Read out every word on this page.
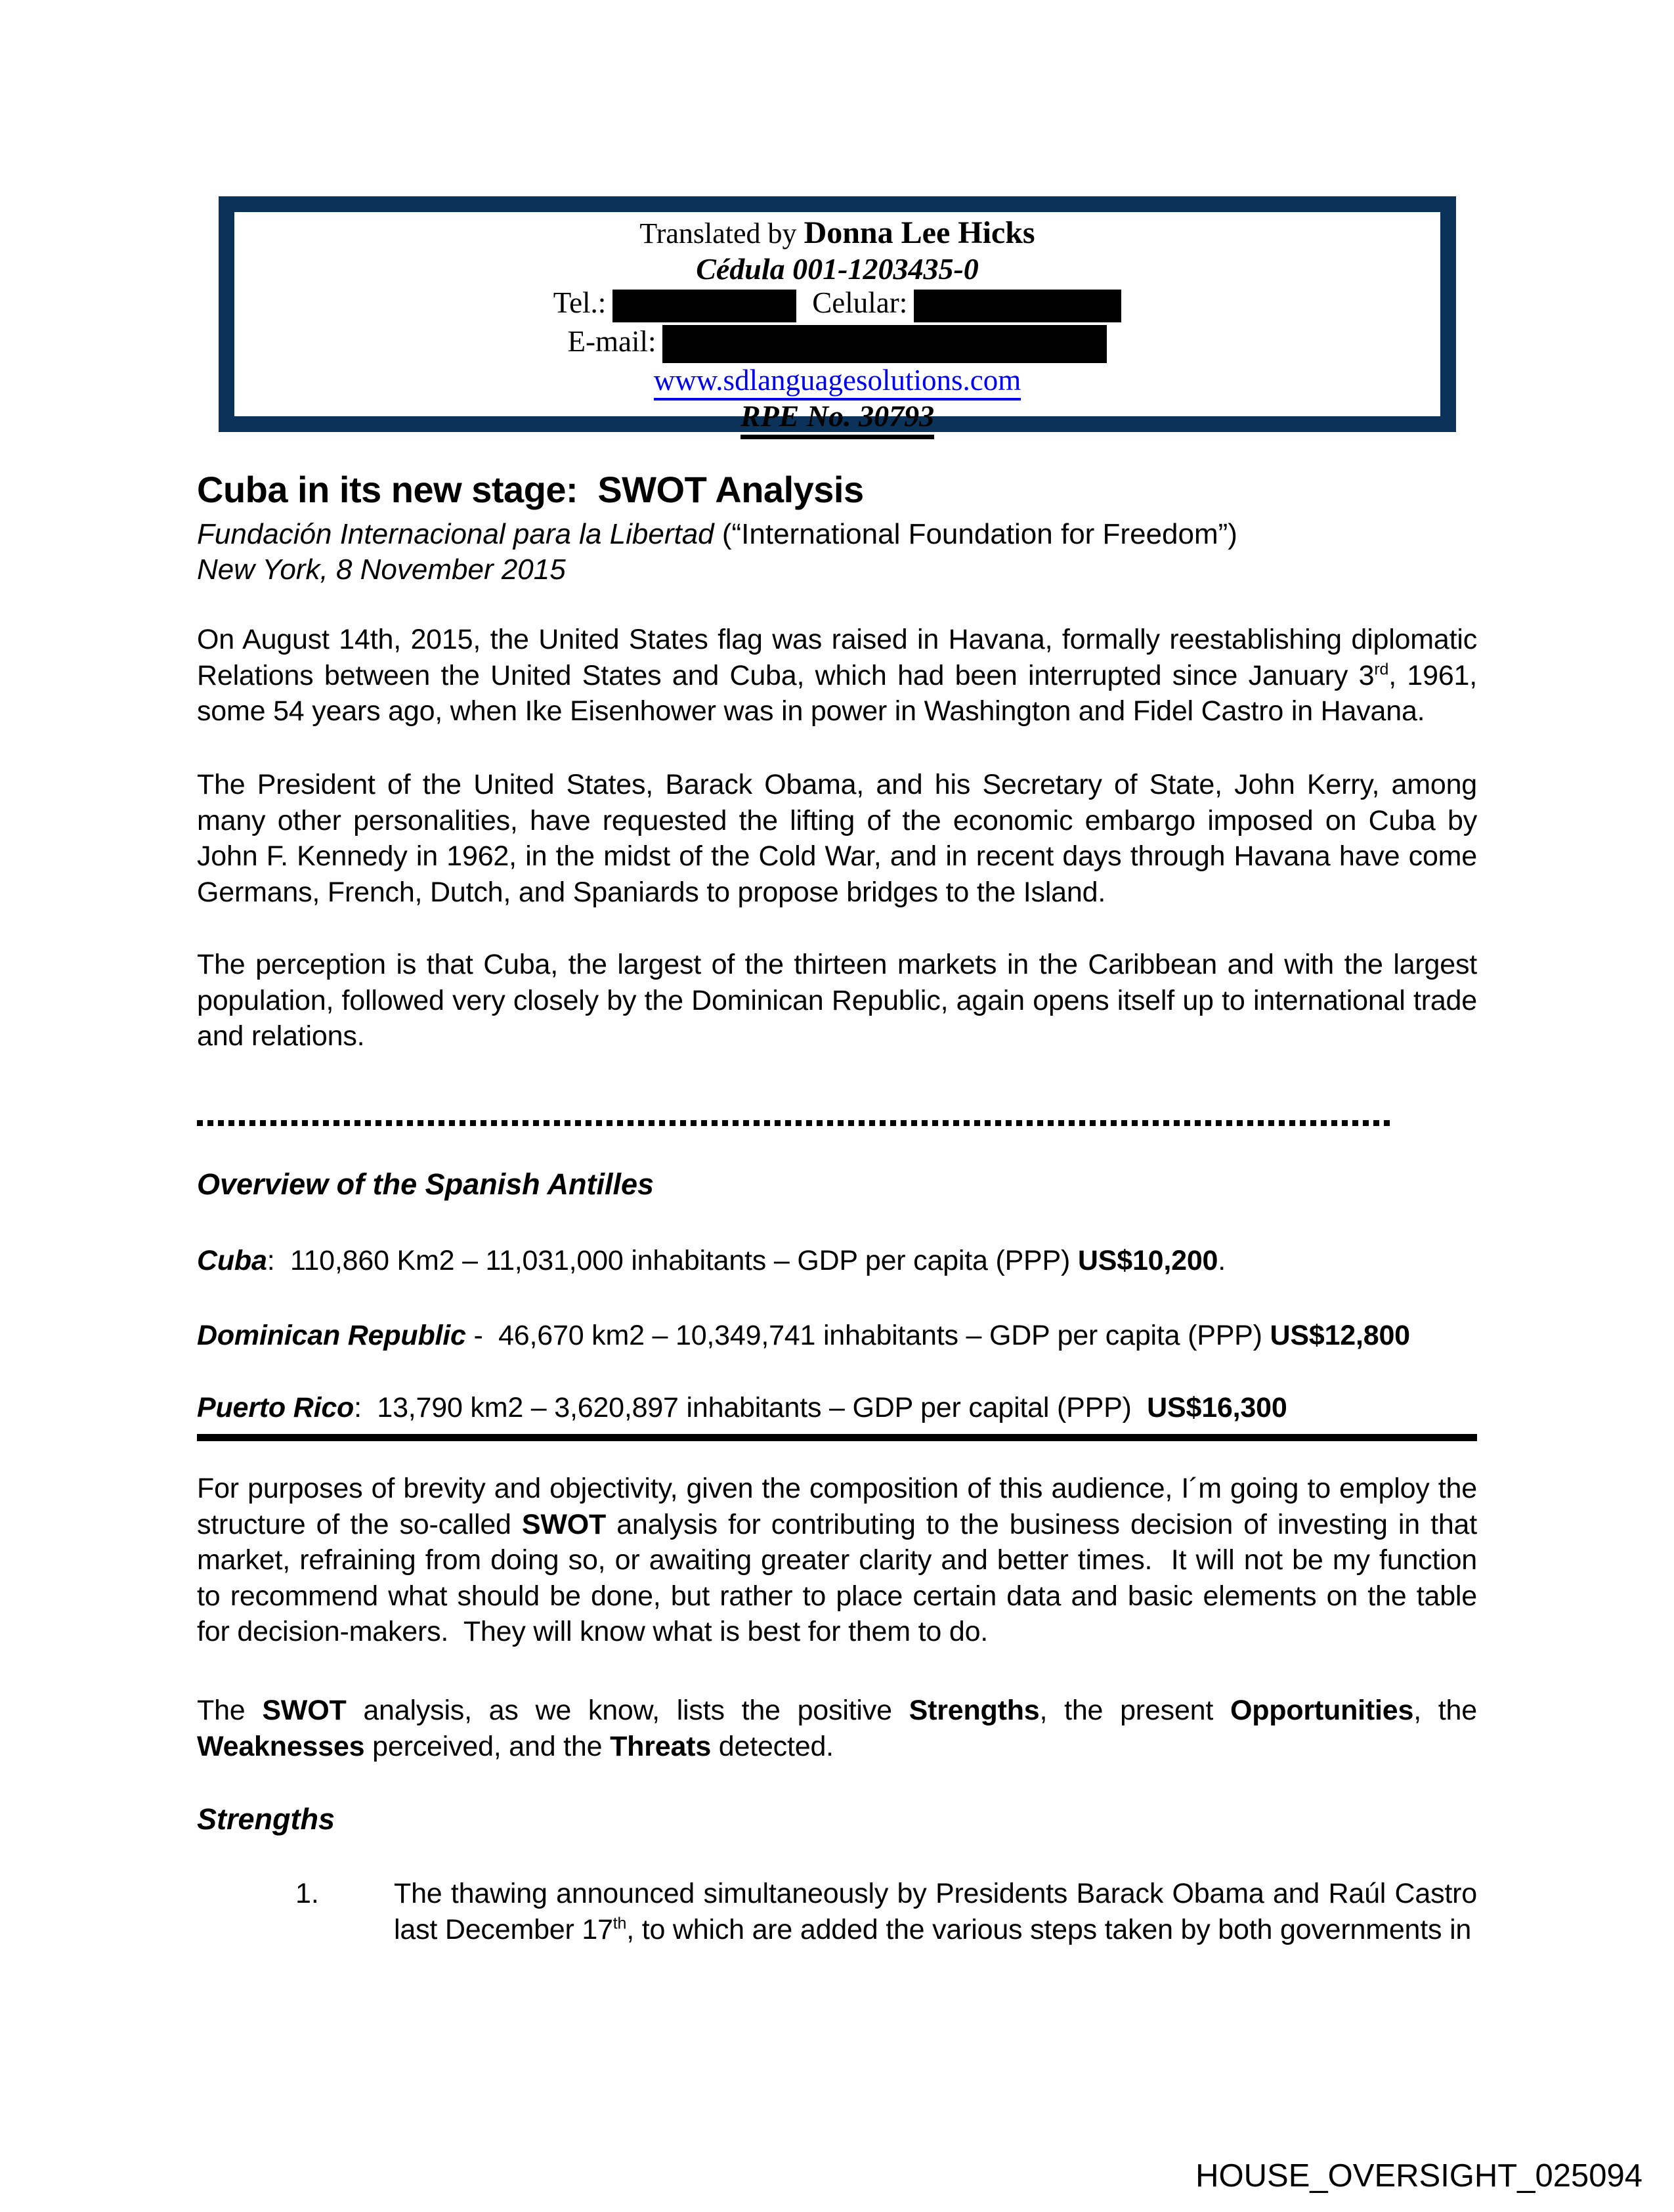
Translated by Donna Lee Hicks
Cédula 001-1203435-0
Tel.:	Celular:
E-mail:
www.sdlanguagesolutions.com
RPE No. 30793
Cuba in its new stage:  SWOT Analysis
Fundación Internacional para la Libertad (“International Foundation for Freedom”)
New York, 8 November 2015
On August 14th, 2015, the United States flag was raised in Havana, formally reestablishing diplomatic Relations between the United States and Cuba, which had been interrupted since January 3rd, 1961, some 54 years ago, when Ike Eisenhower was in power in Washington and Fidel Castro in Havana.
The President of the United States, Barack Obama, and his Secretary of State, John Kerry, among many other personalities, have requested the lifting of the economic embargo imposed on Cuba by John F. Kennedy in 1962, in the midst of the Cold War, and in recent days through Havana have come Germans, French, Dutch, and Spaniards to propose bridges to the Island.
The perception is that Cuba, the largest of the thirteen markets in the Caribbean and with the largest population, followed very closely by the Dominican Republic, again opens itself up to international trade and relations.
Overview of the Spanish Antilles
Cuba:  110,860 Km2 – 11,031,000 inhabitants – GDP per capita (PPP) US$10,200.
Dominican Republic -  46,670 km2 – 10,349,741 inhabitants – GDP per capita (PPP) US$12,800
Puerto Rico:  13,790 km2 – 3,620,897 inhabitants – GDP per capital (PPP)  US$16,300
For purposes of brevity and objectivity, given the composition of this audience, I´m going to employ the structure of the so-called SWOT analysis for contributing to the business decision of investing in that market, refraining from doing so, or awaiting greater clarity and better times.  It will not be my function to recommend what should be done, but rather to place certain data and basic elements on the table for decision-makers.  They will know what is best for them to do.
The SWOT analysis, as we know, lists the positive Strengths, the present Opportunities, the Weaknesses perceived, and the Threats detected.
Strengths
1.	The thawing announced simultaneously by Presidents Barack Obama and Raúl Castro last December 17th, to which are added the various steps taken by both governments in
HOUSE_OVERSIGHT_025094
